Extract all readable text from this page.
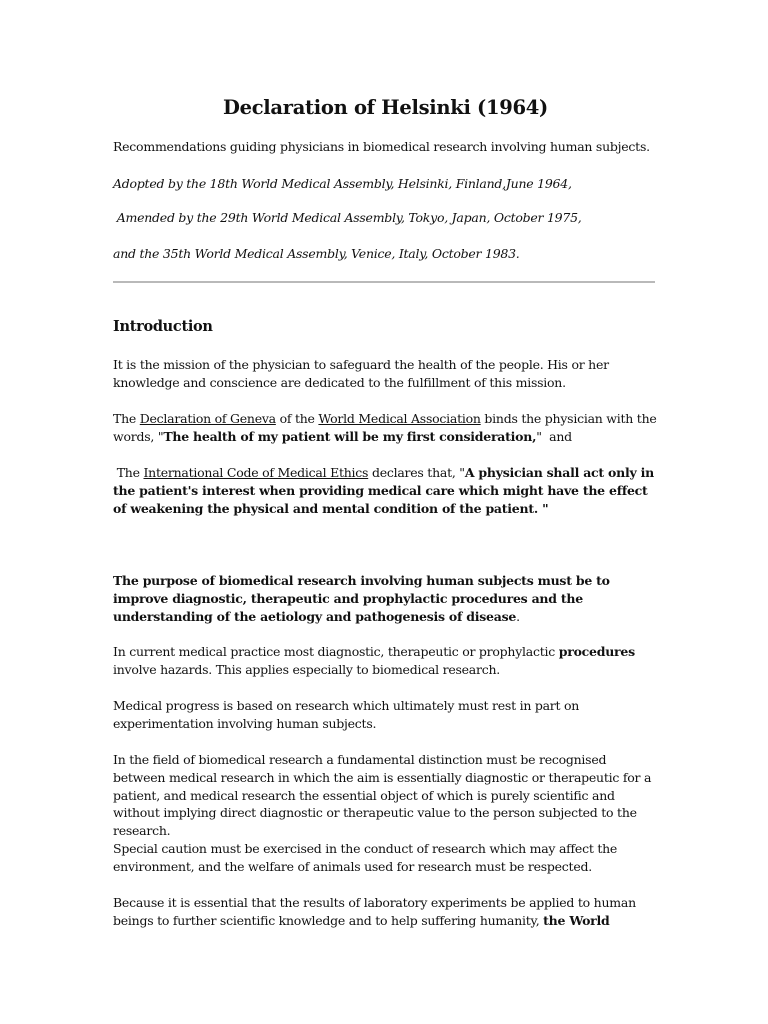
Declaration of Helsinki (1964)
Recommendations guiding physicians in biomedical research involving human subjects.
Adopted by the 18th World Medical Assembly, Helsinki, Finland,June 1964,
Amended by the 29th World Medical Assembly, Tokyo, Japan, October 1975,
and the 35th World Medical Assembly, Venice, Italy, October 1983.
Introduction

It is the mission of the physician to safeguard the health of the people. His or her knowledge and conscience are dedicated to the fulfillment of this mission.

The Declaration of Geneva of the World Medical Association binds the physician with the words, "The health of my patient will be my first consideration,"  and

The International Code of Medical Ethics declares that, "A physician shall act only in the patient's interest when providing medical care which might have the effect of weakening the physical and mental condition of the patient. "

The purpose of biomedical research involving human subjects must be to improve diagnostic, therapeutic and prophylactic procedures and the understanding of the aetiology and pathogenesis of disease.

In current medical practice most diagnostic, therapeutic or prophylactic procedures involve hazards. This applies especially to biomedical research.

Medical progress is based on research which ultimately must rest in part on experimentation involving human subjects.

In the field of biomedical research a fundamental distinction must be recognised between medical research in which the aim is essentially diagnostic or therapeutic for a patient, and medical research the essential object of which is purely scientific and without implying direct diagnostic or therapeutic value to the person subjected to the research.

Special caution must be exercised in the conduct of research which may affect the environment, and the welfare of animals used for research must be respected.

Because it is essential that the results of laboratory experiments be applied to human beings to further scientific knowledge and to help suffering humanity, the World
